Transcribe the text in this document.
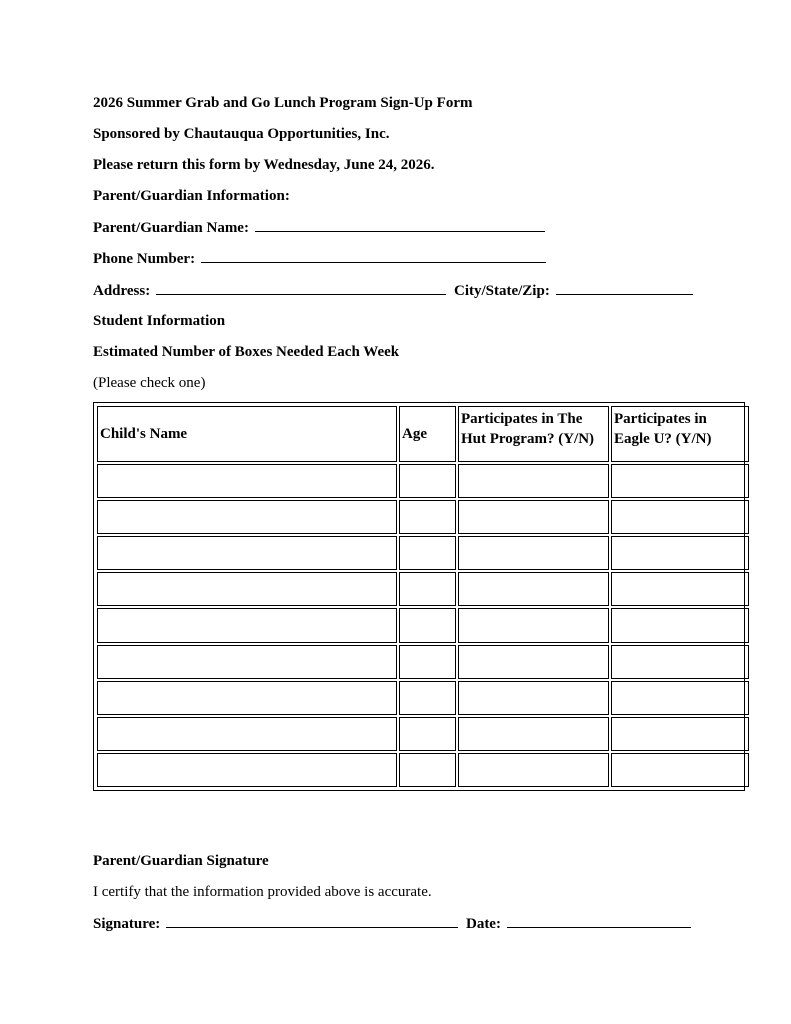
2026 Summer Grab and Go Lunch Program Sign-Up Form
Sponsored by Chautauqua Opportunities, Inc.
Please return this form by Wednesday, June 24, 2026.
Parent/Guardian Information:
Parent/Guardian Name:
Phone Number:
Address:	City/State/Zip:
Student Information
Estimated Number of Boxes Needed Each Week
(Please check one)
Child's Name	Age	Participates in The Hut Program? (Y/N)	Participates in Eagle U? (Y/N)

Parent/Guardian Signature
I certify that the information provided above is accurate.
Signature:	Date:
